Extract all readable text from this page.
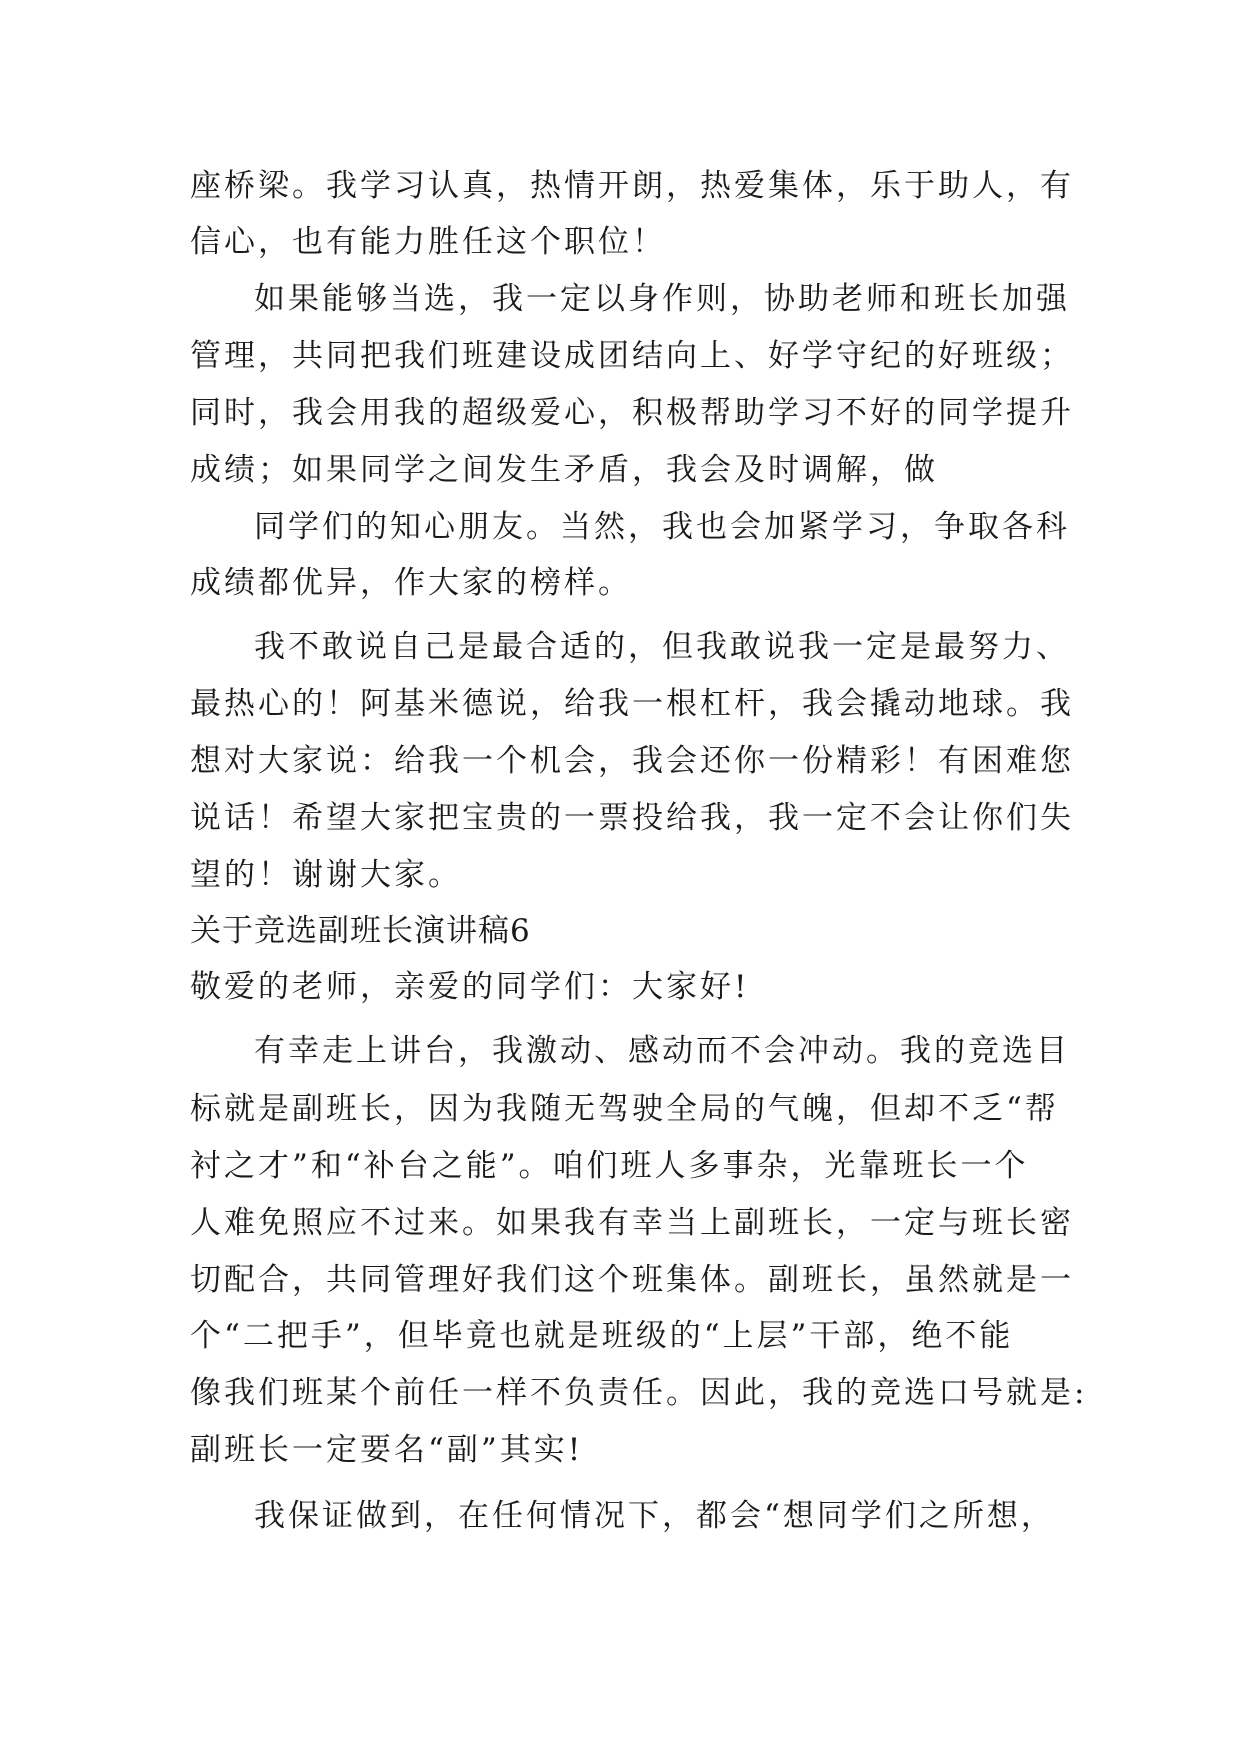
座桥梁。我学习认真，热情开朗，热爱集体，乐于助人，有
信心，也有能力胜任这个职位！
如果能够当选，我一定以身作则，协助老师和班长加强
管理，共同把我们班建设成团结向上、好学守纪的好班级；
同时，我会用我的超级爱心，积极帮助学习不好的同学提升
成绩；如果同学之间发生矛盾，我会及时调解，做
同学们的知心朋友。当然，我也会加紧学习，争取各科
成绩都优异，作大家的榜样。
我不敢说自己是最合适的，但我敢说我一定是最努力、
最热心的！阿基米德说，给我一根杠杆，我会撬动地球。我
想对大家说：给我一个机会，我会还你一份精彩！有困难您
说话！希望大家把宝贵的一票投给我，我一定不会让你们失
望的！谢谢大家。
关于竞选副班长演讲稿6
敬爱的老师，亲爱的同学们：大家好!
有幸走上讲台，我激动、感动而不会冲动。我的竞选目
标就是副班长，因为我随无驾驶全局的气魄，但却不乏“帮
衬之才”和“补台之能”。咱们班人多事杂，光靠班长一个
人难免照应不过来。如果我有幸当上副班长，一定与班长密
切配合，共同管理好我们这个班集体。副班长，虽然就是一
个“二把手”，但毕竟也就是班级的“上层”干部，绝不能
像我们班某个前任一样不负责任。因此，我的竞选口号就是:
副班长一定要名“副”其实!
我保证做到，在任何情况下，都会“想同学们之所想，
